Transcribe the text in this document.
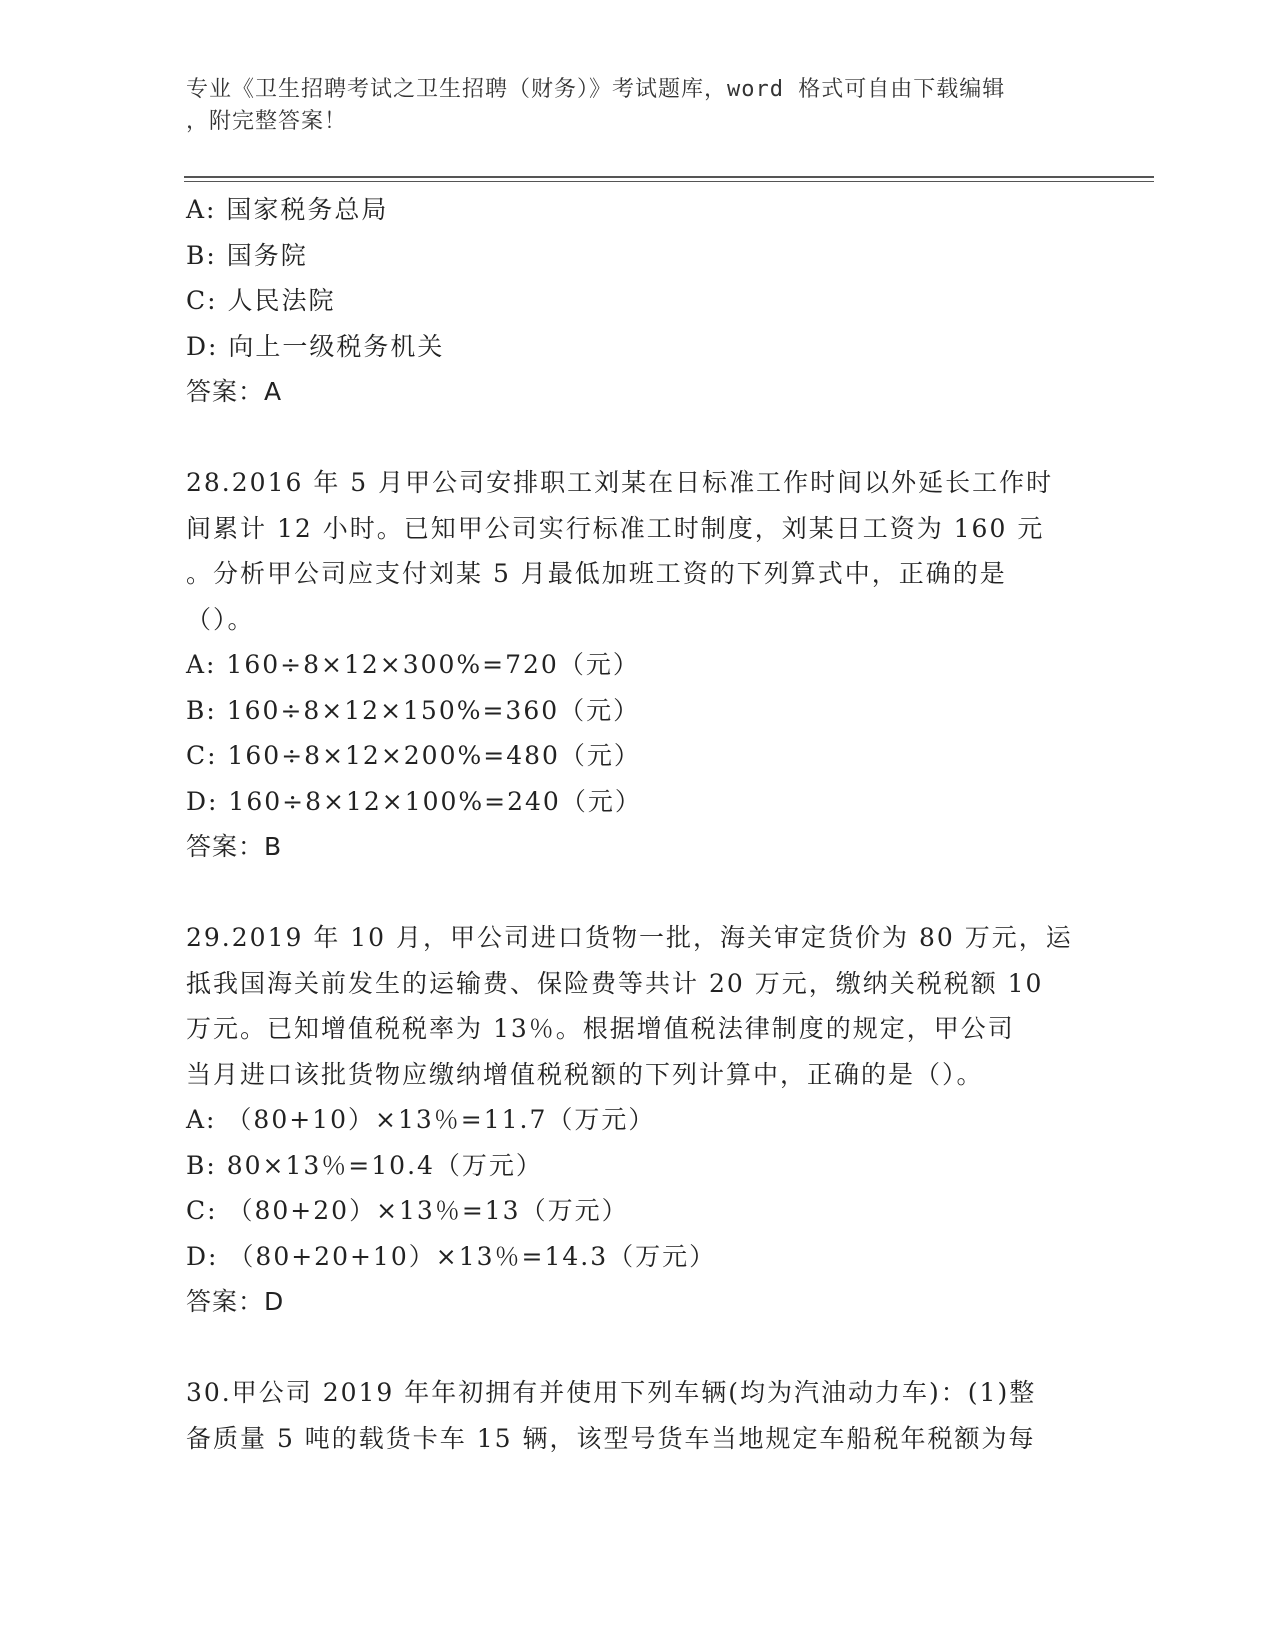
专业《卫生招聘考试之卫生招聘（财务）》考试题库，word 格式可自由下载编辑
，附完整答案！
A: 国家税务总局
B: 国务院
C: 人民法院
D: 向上一级税务机关
答案：A
28.2016 年 5 月甲公司安排职工刘某在日标准工作时间以外延长工作时
间累计 12 小时。已知甲公司实行标准工时制度，刘某日工资为 160 元
。分析甲公司应支付刘某 5 月最低加班工资的下列算式中，正确的是
（）。
A: 160÷8×12×300%=720（元）
B: 160÷8×12×150%=360（元）
C: 160÷8×12×200%=480（元）
D: 160÷8×12×100%=240（元）
答案：B
29.2019 年 10 月，甲公司进口货物一批，海关审定货价为 80 万元，运
抵我国海关前发生的运输费、保险费等共计 20 万元，缴纳关税税额 10
万元。已知增值税税率为 13％。根据增值税法律制度的规定，甲公司
当月进口该批货物应缴纳增值税税额的下列计算中，正确的是（）。
A: （80+10）×13％=11.7（万元）
B: 80×13％=10.4（万元）
C: （80+20）×13％=13（万元）
D: （80+20+10）×13％=14.3（万元）
答案：D
30.甲公司 2019 年年初拥有并使用下列车辆(均为汽油动力车)：(1)整
备质量 5 吨的载货卡车 15 辆，该型号货车当地规定车船税年税额为每
